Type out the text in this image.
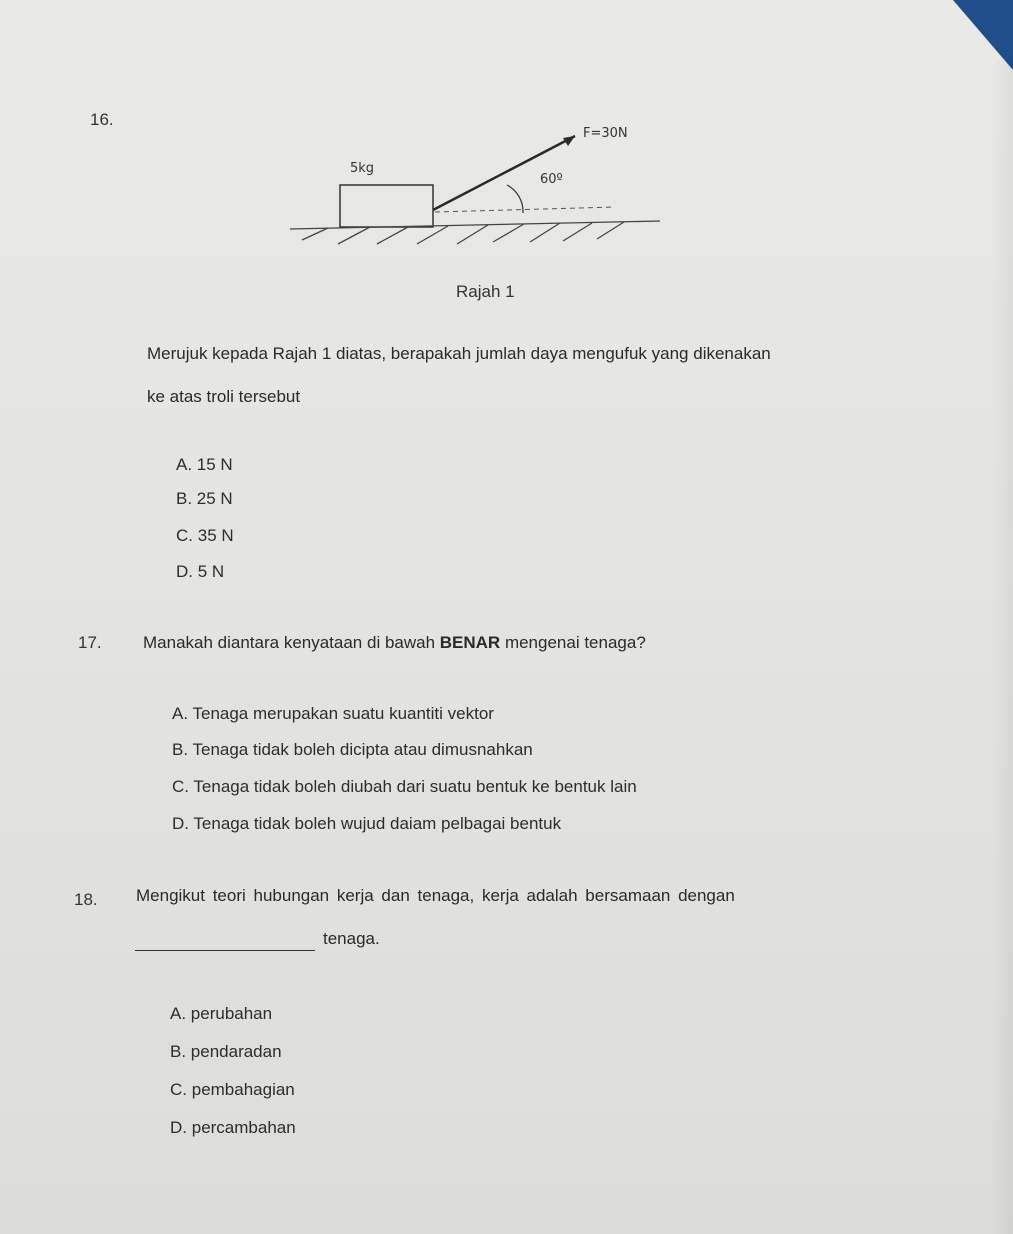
16.
F=30N
5kg
60º
Rajah 1
Merujuk kepada Rajah 1 diatas, berapakah jumlah daya mengufuk yang dikenakan
ke atas troli tersebut
A. 15 N
B. 25 N
C. 35 N
D. 5 N
17. Manakah diantara kenyataan di bawah BENAR mengenai tenaga?
A. Tenaga merupakan suatu kuantiti vektor
B. Tenaga tidak boleh dicipta atau dimusnahkan
C. Tenaga tidak boleh diubah dari suatu bentuk ke bentuk lain
D. Tenaga tidak boleh wujud daiam pelbagai bentuk
18. Mengikut teori hubungan kerja dan tenaga, kerja adalah bersamaan dengan
tenaga.
A. perubahan
B. pendaradan
C. pembahagian
D. percambahan
